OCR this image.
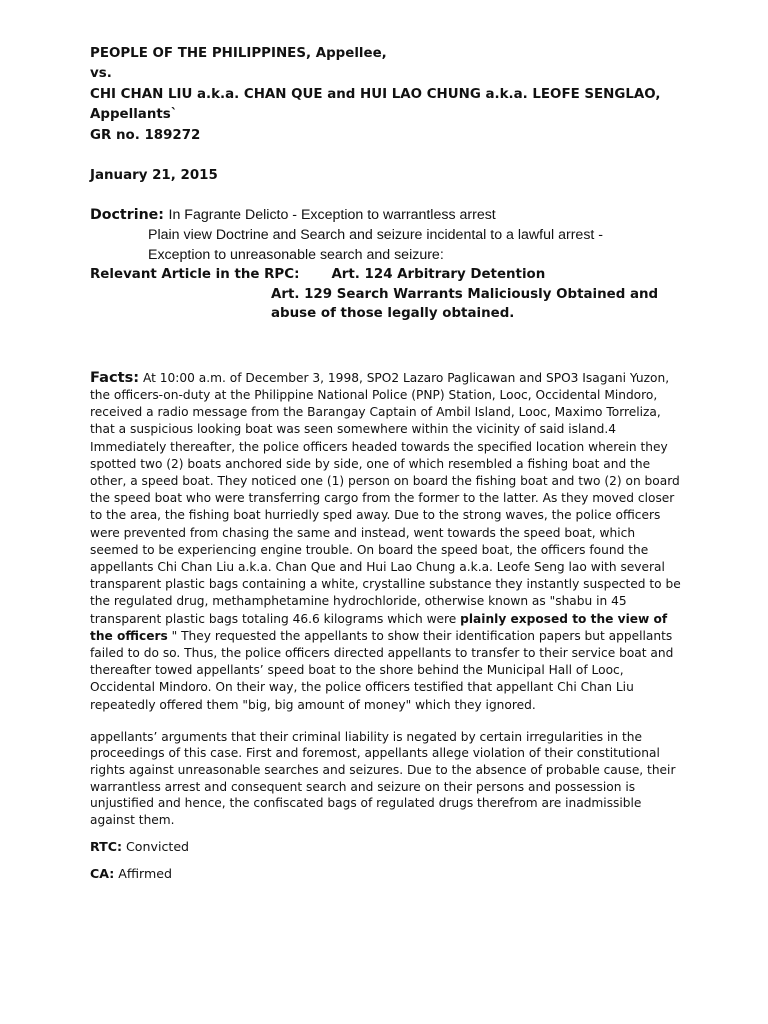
PEOPLE OF THE PHILIPPINES, Appellee,
vs.
CHI CHAN LIU a.k.a. CHAN QUE and HUI LAO CHUNG a.k.a. LEOFE SENGLAO,
Appellants`
GR no. 189272
January 21, 2015
Doctrine: In Fagrante Delicto - Exception to warrantless arrest
Plain view Doctrine and Search and seizure incidental to a lawful arrest -
Exception to unreasonable search and seizure:
Relevant Article in the RPC: Art. 124 Arbitrary Detention
Art. 129 Search Warrants Maliciously Obtained and abuse of those legally obtained.
Facts: At 10:00 a.m. of December 3, 1998, SPO2 Lazaro Paglicawan and SPO3 Isagani Yuzon, the officers-on-duty at the Philippine National Police (PNP) Station, Looc, Occidental Mindoro, received a radio message from the Barangay Captain of Ambil Island, Looc, Maximo Torreliza, that a suspicious looking boat was seen somewhere within the vicinity of said island.4 Immediately thereafter, the police officers headed towards the specified location wherein they spotted two (2) boats anchored side by side, one of which resembled a fishing boat and the other, a speed boat. They noticed one (1) person on board the fishing boat and two (2) on board the speed boat who were transferring cargo from the former to the latter. As they moved closer to the area, the fishing boat hurriedly sped away. Due to the strong waves, the police officers were prevented from chasing the same and instead, went towards the speed boat, which seemed to be experiencing engine trouble. On board the speed boat, the officers found the appellants Chi Chan Liu a.k.a. Chan Que and Hui Lao Chung a.k.a. Leofe Seng lao with several transparent plastic bags containing a white, crystalline substance they instantly suspected to be the regulated drug, methamphetamine hydrochloride, otherwise known as "shabu in 45 transparent plastic bags totaling 46.6 kilograms which were plainly exposed to the view of the officers " They requested the appellants to show their identification papers but appellants failed to do so. Thus, the police officers directed appellants to transfer to their service boat and thereafter towed appellants’ speed boat to the shore behind the Municipal Hall of Looc, Occidental Mindoro. On their way, the police officers testified that appellant Chi Chan Liu repeatedly offered them "big, big amount of money" which they ignored.
appellants’ arguments that their criminal liability is negated by certain irregularities in the proceedings of this case. First and foremost, appellants allege violation of their constitutional rights against unreasonable searches and seizures. Due to the absence of probable cause, their warrantless arrest and consequent search and seizure on their persons and possession is unjustified and hence, the confiscated bags of regulated drugs therefrom are inadmissible against them.
RTC: Convicted
CA: Affirmed
